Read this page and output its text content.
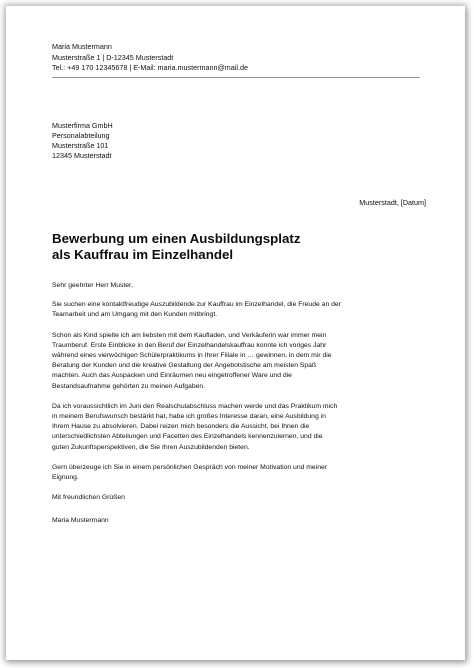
Maria Mustermann
Musterstraße 1 | D-12345 Musterstadt
Tel.: +49 170 12345678 | E-Mail: maria.mustermann@mail.de
Musterfirma GmbH
Personalabteilung
Musterstraße 101
12345 Musterstadt
Musterstadt, [Datum]
Bewerbung um einen Ausbildungsplatz
als Kauffrau im Einzelhandel
Sehr geehrter Herr Muster,
Sie suchen eine kontaktfreudige Auszubildende zur Kauffrau im Einzelhandel, die Freude an der
Teamarbeit und am Umgang mit den Kunden mitbringt.
Schon als Kind spielte ich am liebsten mit dem Kaufladen, und Verkäuferin war immer mein
Traumberuf. Erste Einblicke in den Beruf der Einzelhandelskauffrau konnte ich voriges Jahr
während eines vierwöchigen Schülerpraktikums in Ihrer Filiale in … gewinnen, in dem mir die
Beratung der Kunden und die kreative Gestaltung der Angebotstische am meisten Spaß
machten. Auch das Auspacken und Einräumen neu eingetroffener Ware und die
Bestandsaufnahme gehörten zu meinen Aufgaben.
Da ich voraussichtlich im Juni den Realschulabschluss machen werde und das Praktikum mich
in meinem Berufswunsch bestärkt hat, habe ich großes Interesse daran, eine Ausbildung in
Ihrem Hause zu absolvieren. Dabei reizen mich besonders die Aussicht, bei Ihnen die
unterschiedlichsten Abteilungen und Facetten des Einzelhandels kennenzulernen, und die
guten Zukunftsperspektiven, die Sie Ihren Auszubildenden bieten.
Gern überzeuge ich Sie in einem persönlichen Gespräch von meiner Motivation und meiner
Eignung.
Mit freundlichen Grüßen
Maria Mustermann
